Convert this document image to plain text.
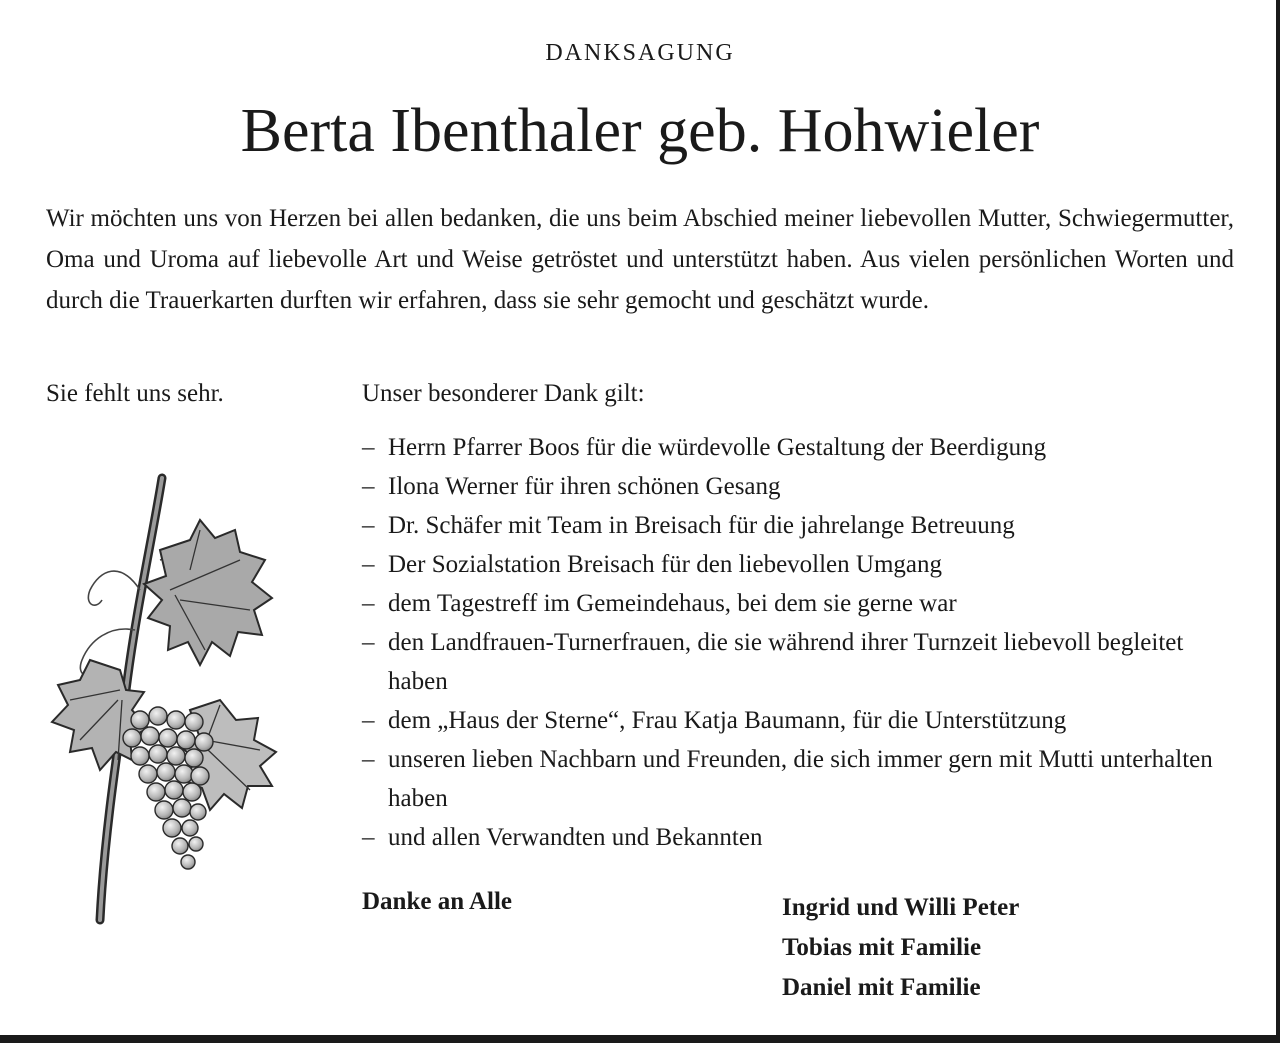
DANKSAGUNG
Berta Ibenthaler geb. Hohwieler

Wir möchten uns von Herzen bei allen bedanken, die uns beim Abschied meiner liebevollen Mutter, Schwiegermutter, Oma und Uroma auf liebevolle Art und Weise getröstet und unterstützt haben. Aus vielen persönlichen Worten und durch die Trauerkarten durften wir erfahren, dass sie sehr gemocht und geschätzt wurde.

Sie fehlt uns sehr.	Unser besonderer Dank gilt:
– Herrn Pfarrer Boos für die würdevolle Gestaltung der Beerdigung
– Ilona Werner für ihren schönen Gesang
– Dr. Schäfer mit Team in Breisach für die jahrelange Betreuung
– Der Sozialstation Breisach für den liebevollen Umgang
– dem Tagestreff im Gemeindehaus, bei dem sie gerne war
– den Landfrauen-Turnerfrauen, die sie während ihrer Turnzeit liebevoll begleitet haben
– dem „Haus der Sterne“, Frau Katja Baumann, für die Unterstützung
– unseren lieben Nachbarn und Freunden, die sich immer gern mit Mutti unterhalten haben
– und allen Verwandten und Bekannten
Danke an Alle	Ingrid und Willi Peter
Tobias mit Familie
Daniel mit Familie
